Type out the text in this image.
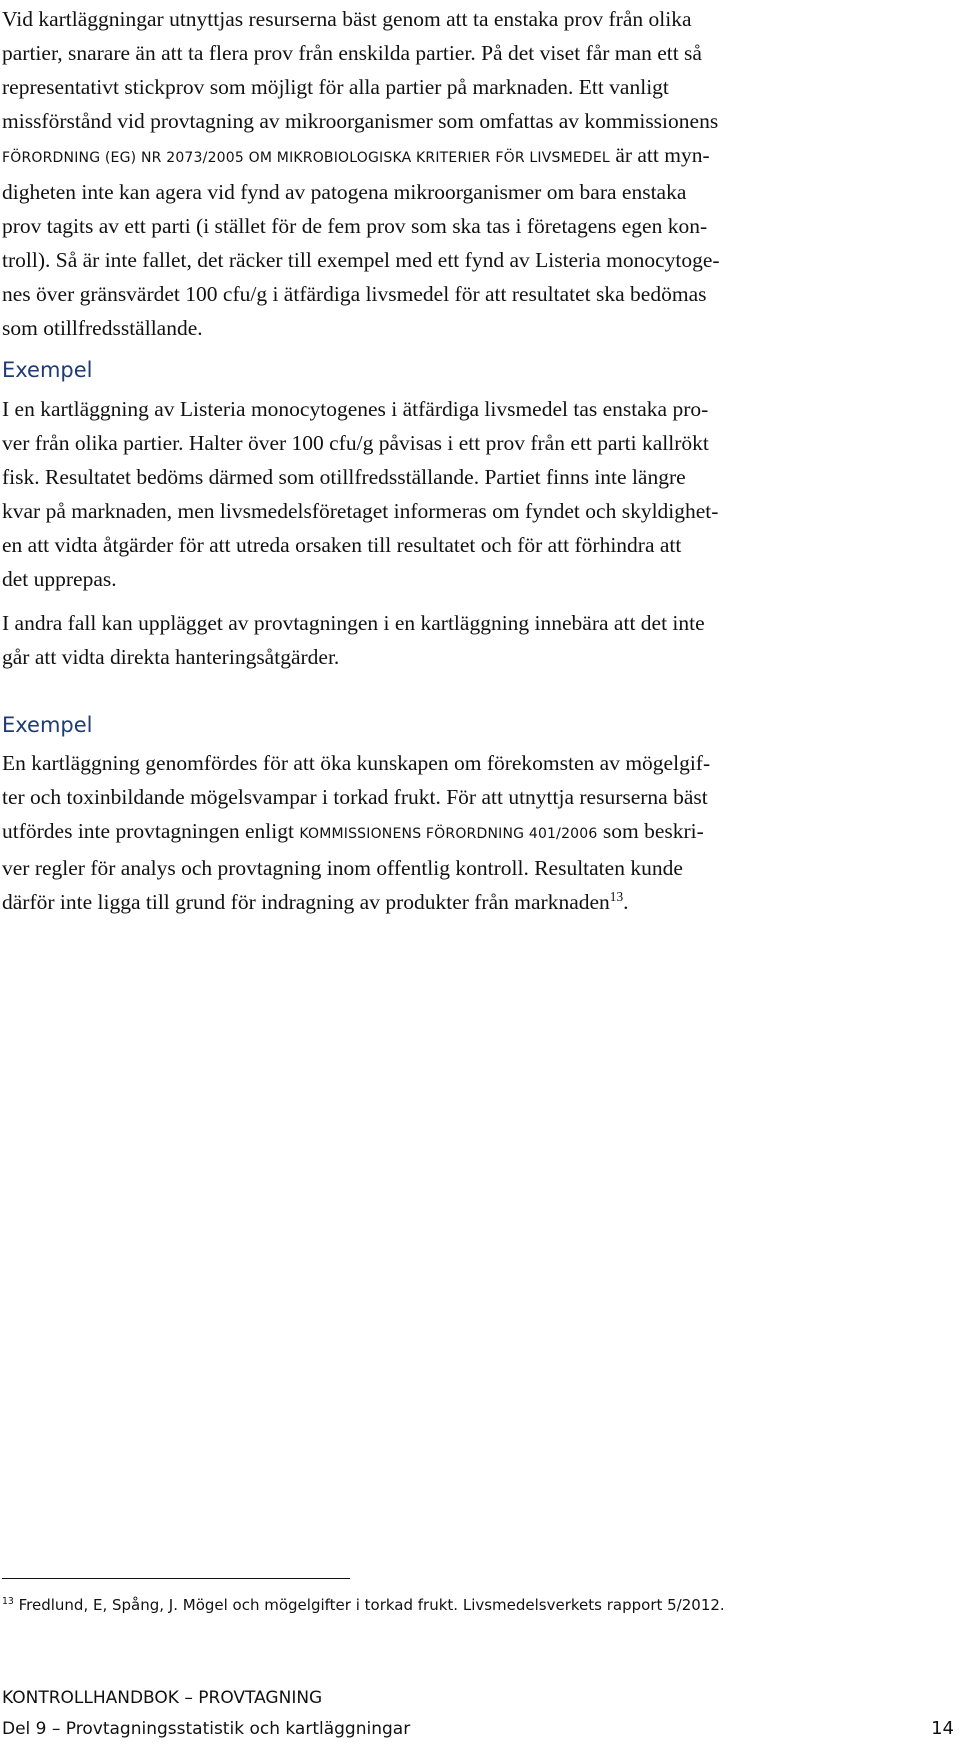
Vid kartläggningar utnyttjas resurserna bäst genom att ta enstaka prov från olika
partier, snarare än att ta flera prov från enskilda partier. På det viset får man ett så
representativt stickprov som möjligt för alla partier på marknaden. Ett vanligt
missförstånd vid provtagning av mikroorganismer som omfattas av kommissionens
FÖRORDNING (EG) NR 2073/2005 OM MIKROBIOLOGISKA KRITERIER FÖR LIVSMEDEL är att myn-
digheten inte kan agera vid fynd av patogena mikroorganismer om bara enstaka
prov tagits av ett parti (i stället för de fem prov som ska tas i företagens egen kon-
troll). Så är inte fallet, det räcker till exempel med ett fynd av Listeria monocytoge-
nes över gränsvärdet 100 cfu/g i ätfärdiga livsmedel för att resultatet ska bedömas
som otillfredsställande.
Exempel
I en kartläggning av Listeria monocytogenes i ätfärdiga livsmedel tas enstaka pro-
ver från olika partier. Halter över 100 cfu/g påvisas i ett prov från ett parti kallrökt
fisk. Resultatet bedöms därmed som otillfredsställande. Partiet finns inte längre
kvar på marknaden, men livsmedelsföretaget informeras om fyndet och skyldighet-
en att vidta åtgärder för att utreda orsaken till resultatet och för att förhindra att
det upprepas.
I andra fall kan upplägget av provtagningen i en kartläggning innebära att det inte
går att vidta direkta hanteringsåtgärder.
Exempel
En kartläggning genomfördes för att öka kunskapen om förekomsten av mögelgif-
ter och toxinbildande mögelsvampar i torkad frukt. För att utnyttja resurserna bäst
utfördes inte provtagningen enligt KOMMISSIONENS FÖRORDNING 401/2006 som beskri-
ver regler för analys och provtagning inom offentlig kontroll. Resultaten kunde
därför inte ligga till grund för indragning av produkter från marknaden$^{13}$.
$^{13}$ Fredlund, E, Spång, J. Mögel och mögelgifter i torkad frukt. Livsmedelsverkets rapport 5/2012.
KONTROLLHANDBOK – PROVTAGNING
Del 9 – Provtagningsstatistik och kartläggningar	14
